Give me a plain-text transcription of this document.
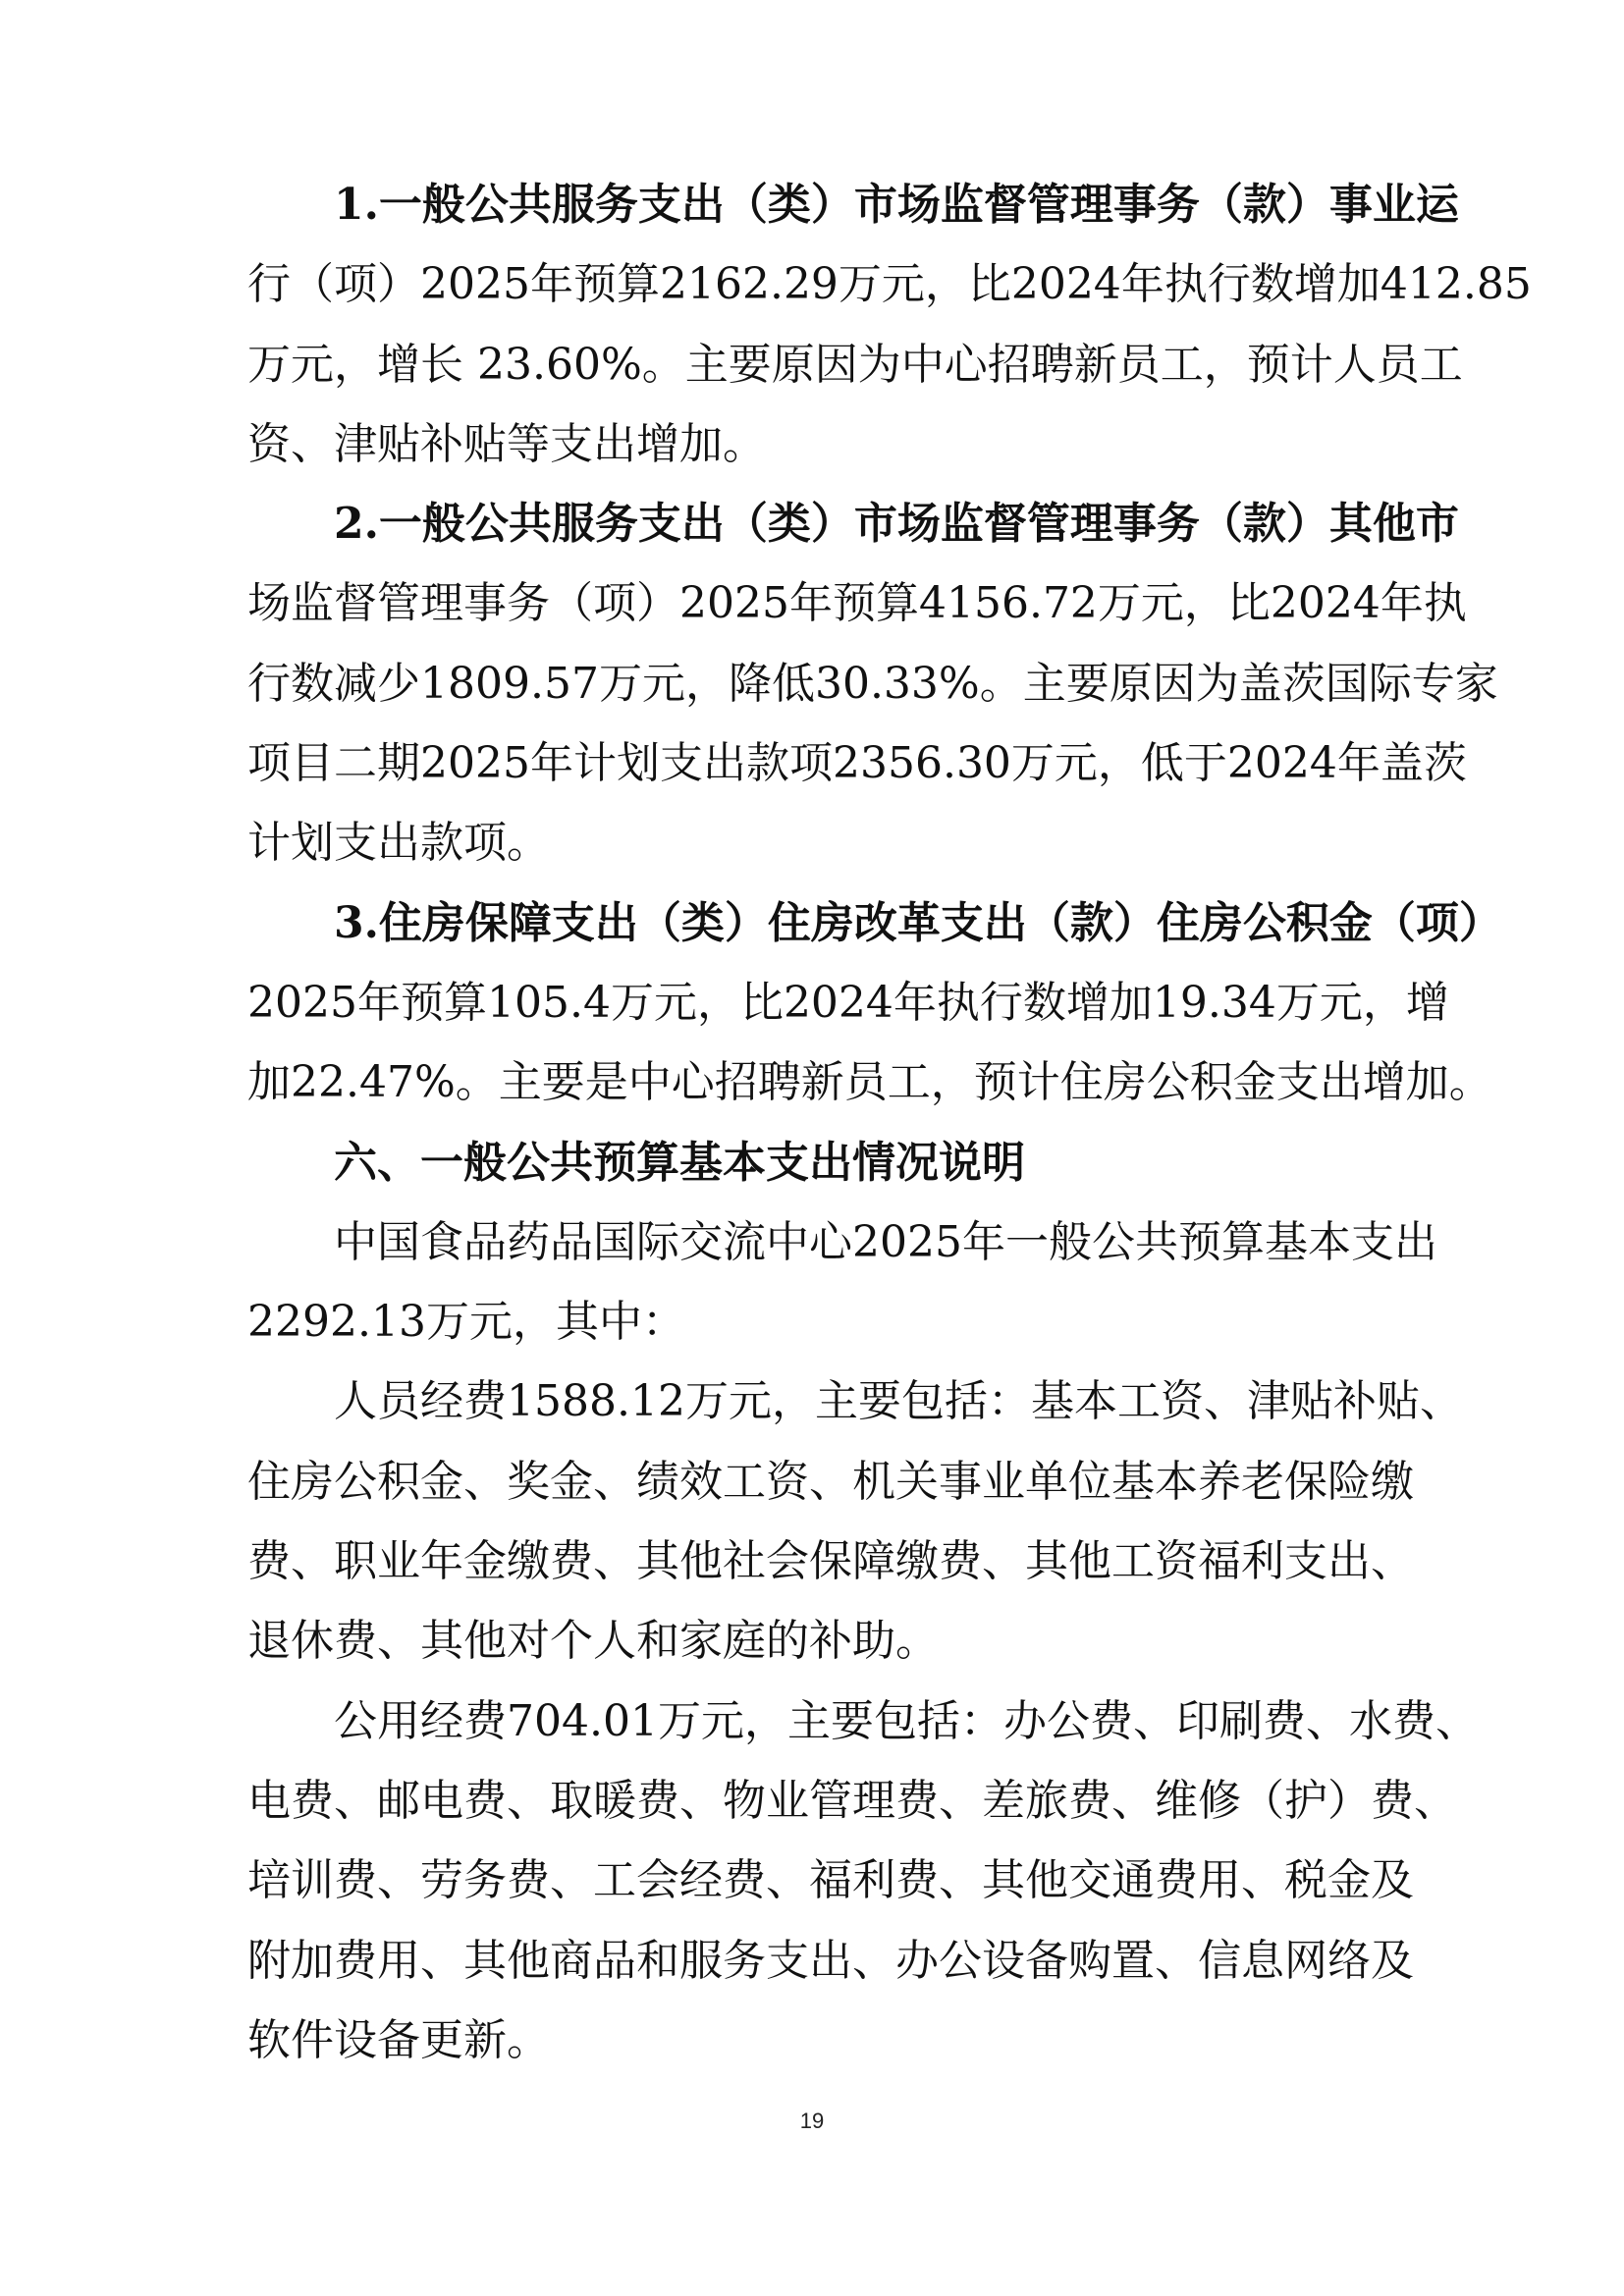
1.一般公共服务支出（类）市场监督管理事务（款）事业运
行（项）2025年预算2162.29万元，比2024年执行数增加412.85
万元，增长 23.60%。主要原因为中心招聘新员工，预计人员工
资、津贴补贴等支出增加。

2.一般公共服务支出（类）市场监督管理事务（款）其他市
场监督管理事务（项）2025年预算4156.72万元，比2024年执
行数减少1809.57万元，降低30.33%。主要原因为盖茨国际专家
项目二期2025年计划支出款项2356.30万元，低于2024年盖茨
计划支出款项。

3.住房保障支出（类）住房改革支出（款）住房公积金（项）
2025年预算105.4万元，比2024年执行数增加19.34万元，增
加22.47%。主要是中心招聘新员工，预计住房公积金支出增加。

六、一般公共预算基本支出情况说明

中国食品药品国际交流中心2025年一般公共预算基本支出
2292.13万元，其中：

人员经费1588.12万元，主要包括：基本工资、津贴补贴、
住房公积金、奖金、绩效工资、机关事业单位基本养老保险缴
费、职业年金缴费、其他社会保障缴费、其他工资福利支出、
退休费、其他对个人和家庭的补助。

公用经费704.01万元，主要包括：办公费、印刷费、水费、
电费、邮电费、取暖费、物业管理费、差旅费、维修（护）费、
培训费、劳务费、工会经费、福利费、其他交通费用、税金及
附加费用、其他商品和服务支出、办公设备购置、信息网络及
软件设备更新。

19
